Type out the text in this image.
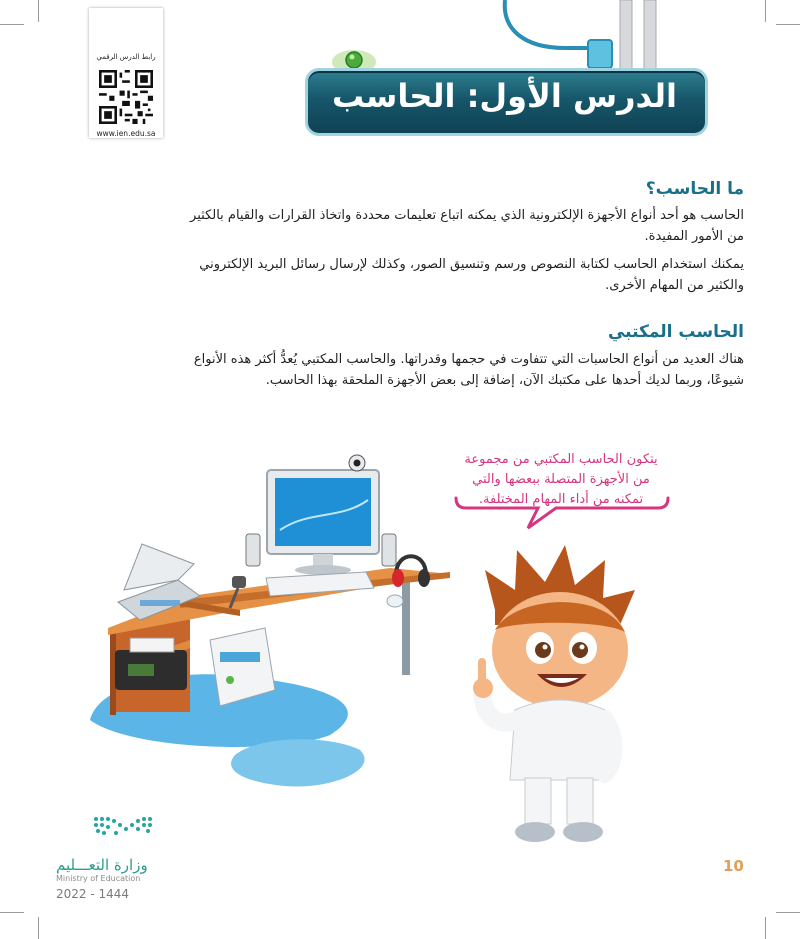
رابط الدرس الرقمي
www.ien.edu.sa
الدرس الأول: الحاسب
ما الحاسب؟
الحاسب هو أحد أنواع الأجهزة الإلكترونية الذي يمكنه اتباع تعليمات محددة واتخاذ القرارات والقيام بالكثير
من الأمور المفيدة.
يمكنك استخدام الحاسب لكتابة النصوص ورسم وتنسيق الصور، وكذلك لإرسال رسائل البريد الإلكتروني
والكثير من المهام الأخرى.
الحاسب المكتبي
هناك العديد من أنواع الحاسبات التي تتفاوت في حجمها وقدراتها. والحاسب المكتبي يُعدُّ أكثر هذه الأنواع
شيوعًا، وربما لديك أحدها على مكتبك الآن، إضافة إلى بعض الأجهزة الملحقة بهذا الحاسب.
يتكون الحاسب المكتبي من مجموعة
من الأجهزة المتصلة ببعضها والتي
تمكنه من أداء المهام المختلفة.
وزارة التعـــليم
Ministry of Education
2022 - 1444
10
